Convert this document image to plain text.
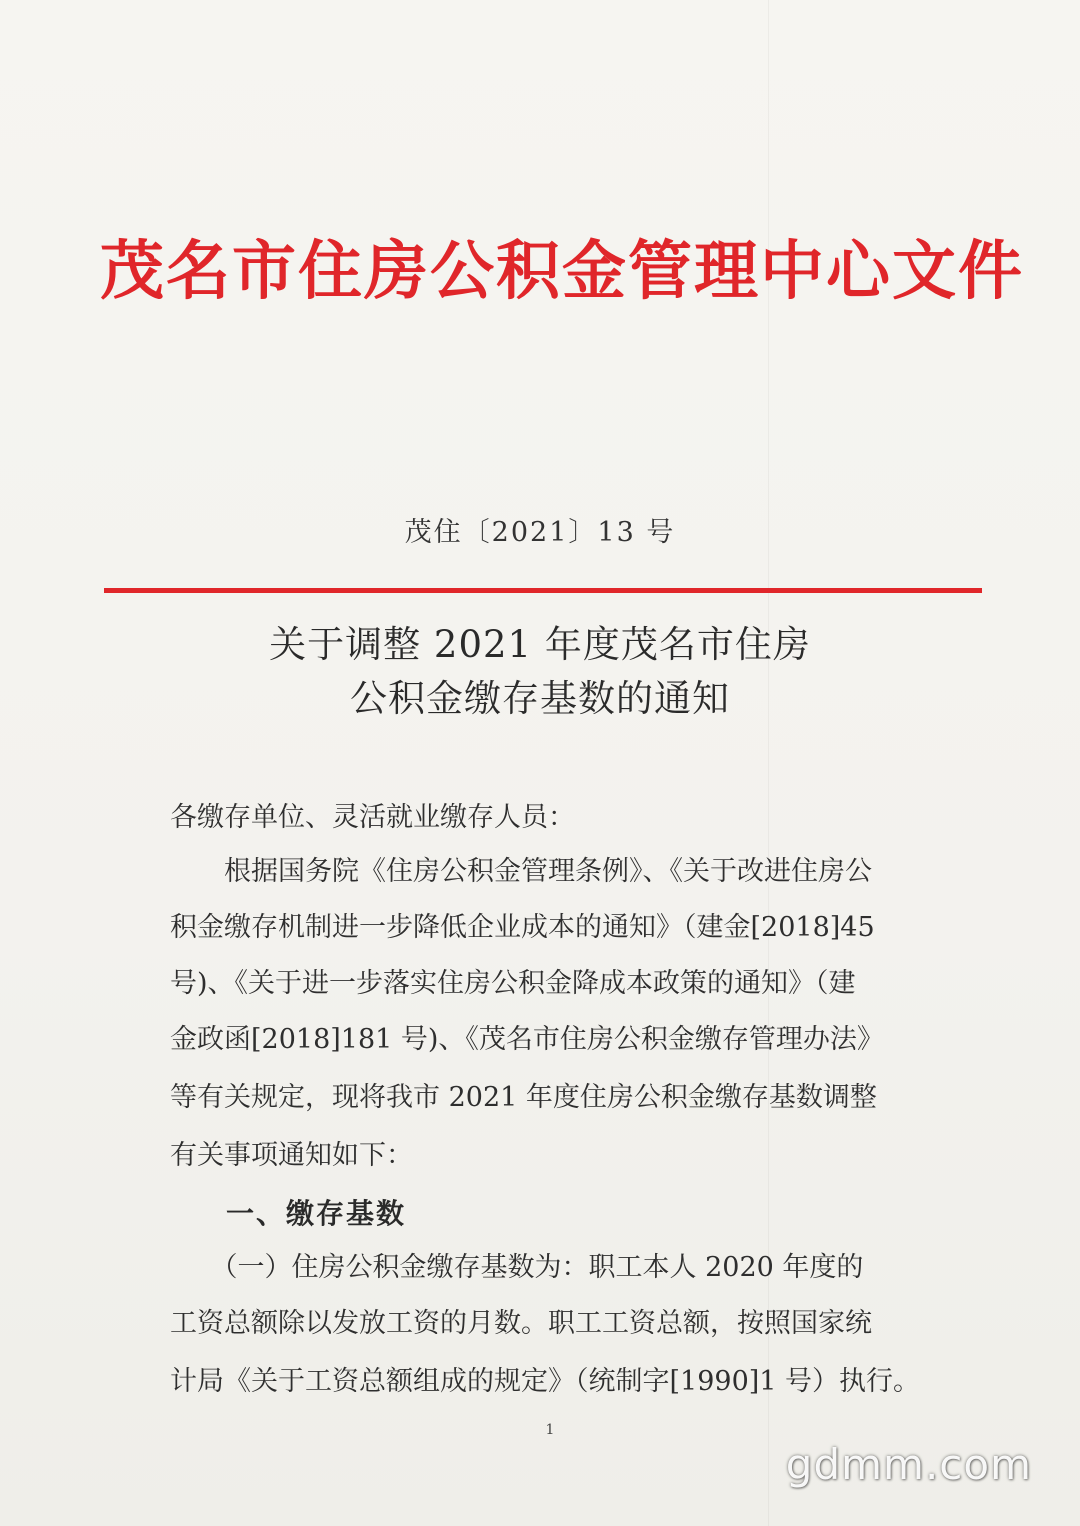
茂名市住房公积金管理中心文件
茂住〔2021〕13 号
关于调整 2021 年度茂名市住房
公积金缴存基数的通知
各缴存单位、灵活就业缴存人员：
　　根据国务院《住房公积金管理条例》、《关于改进住房公
积金缴存机制进一步降低企业成本的通知》（建金[2018]45
号)、《关于进一步落实住房公积金降成本政策的通知》（建
金政函[2018]181 号)、《茂名市住房公积金缴存管理办法》
等有关规定，现将我市 2021 年度住房公积金缴存基数调整
有关事项通知如下：
一、缴存基数
　　（一）住房公积金缴存基数为：职工本人 2020 年度的
工资总额除以发放工资的月数。职工工资总额，按照国家统
计局《关于工资总额组成的规定》（统制字[1990]1 号）执行。
1
gdmm.com
